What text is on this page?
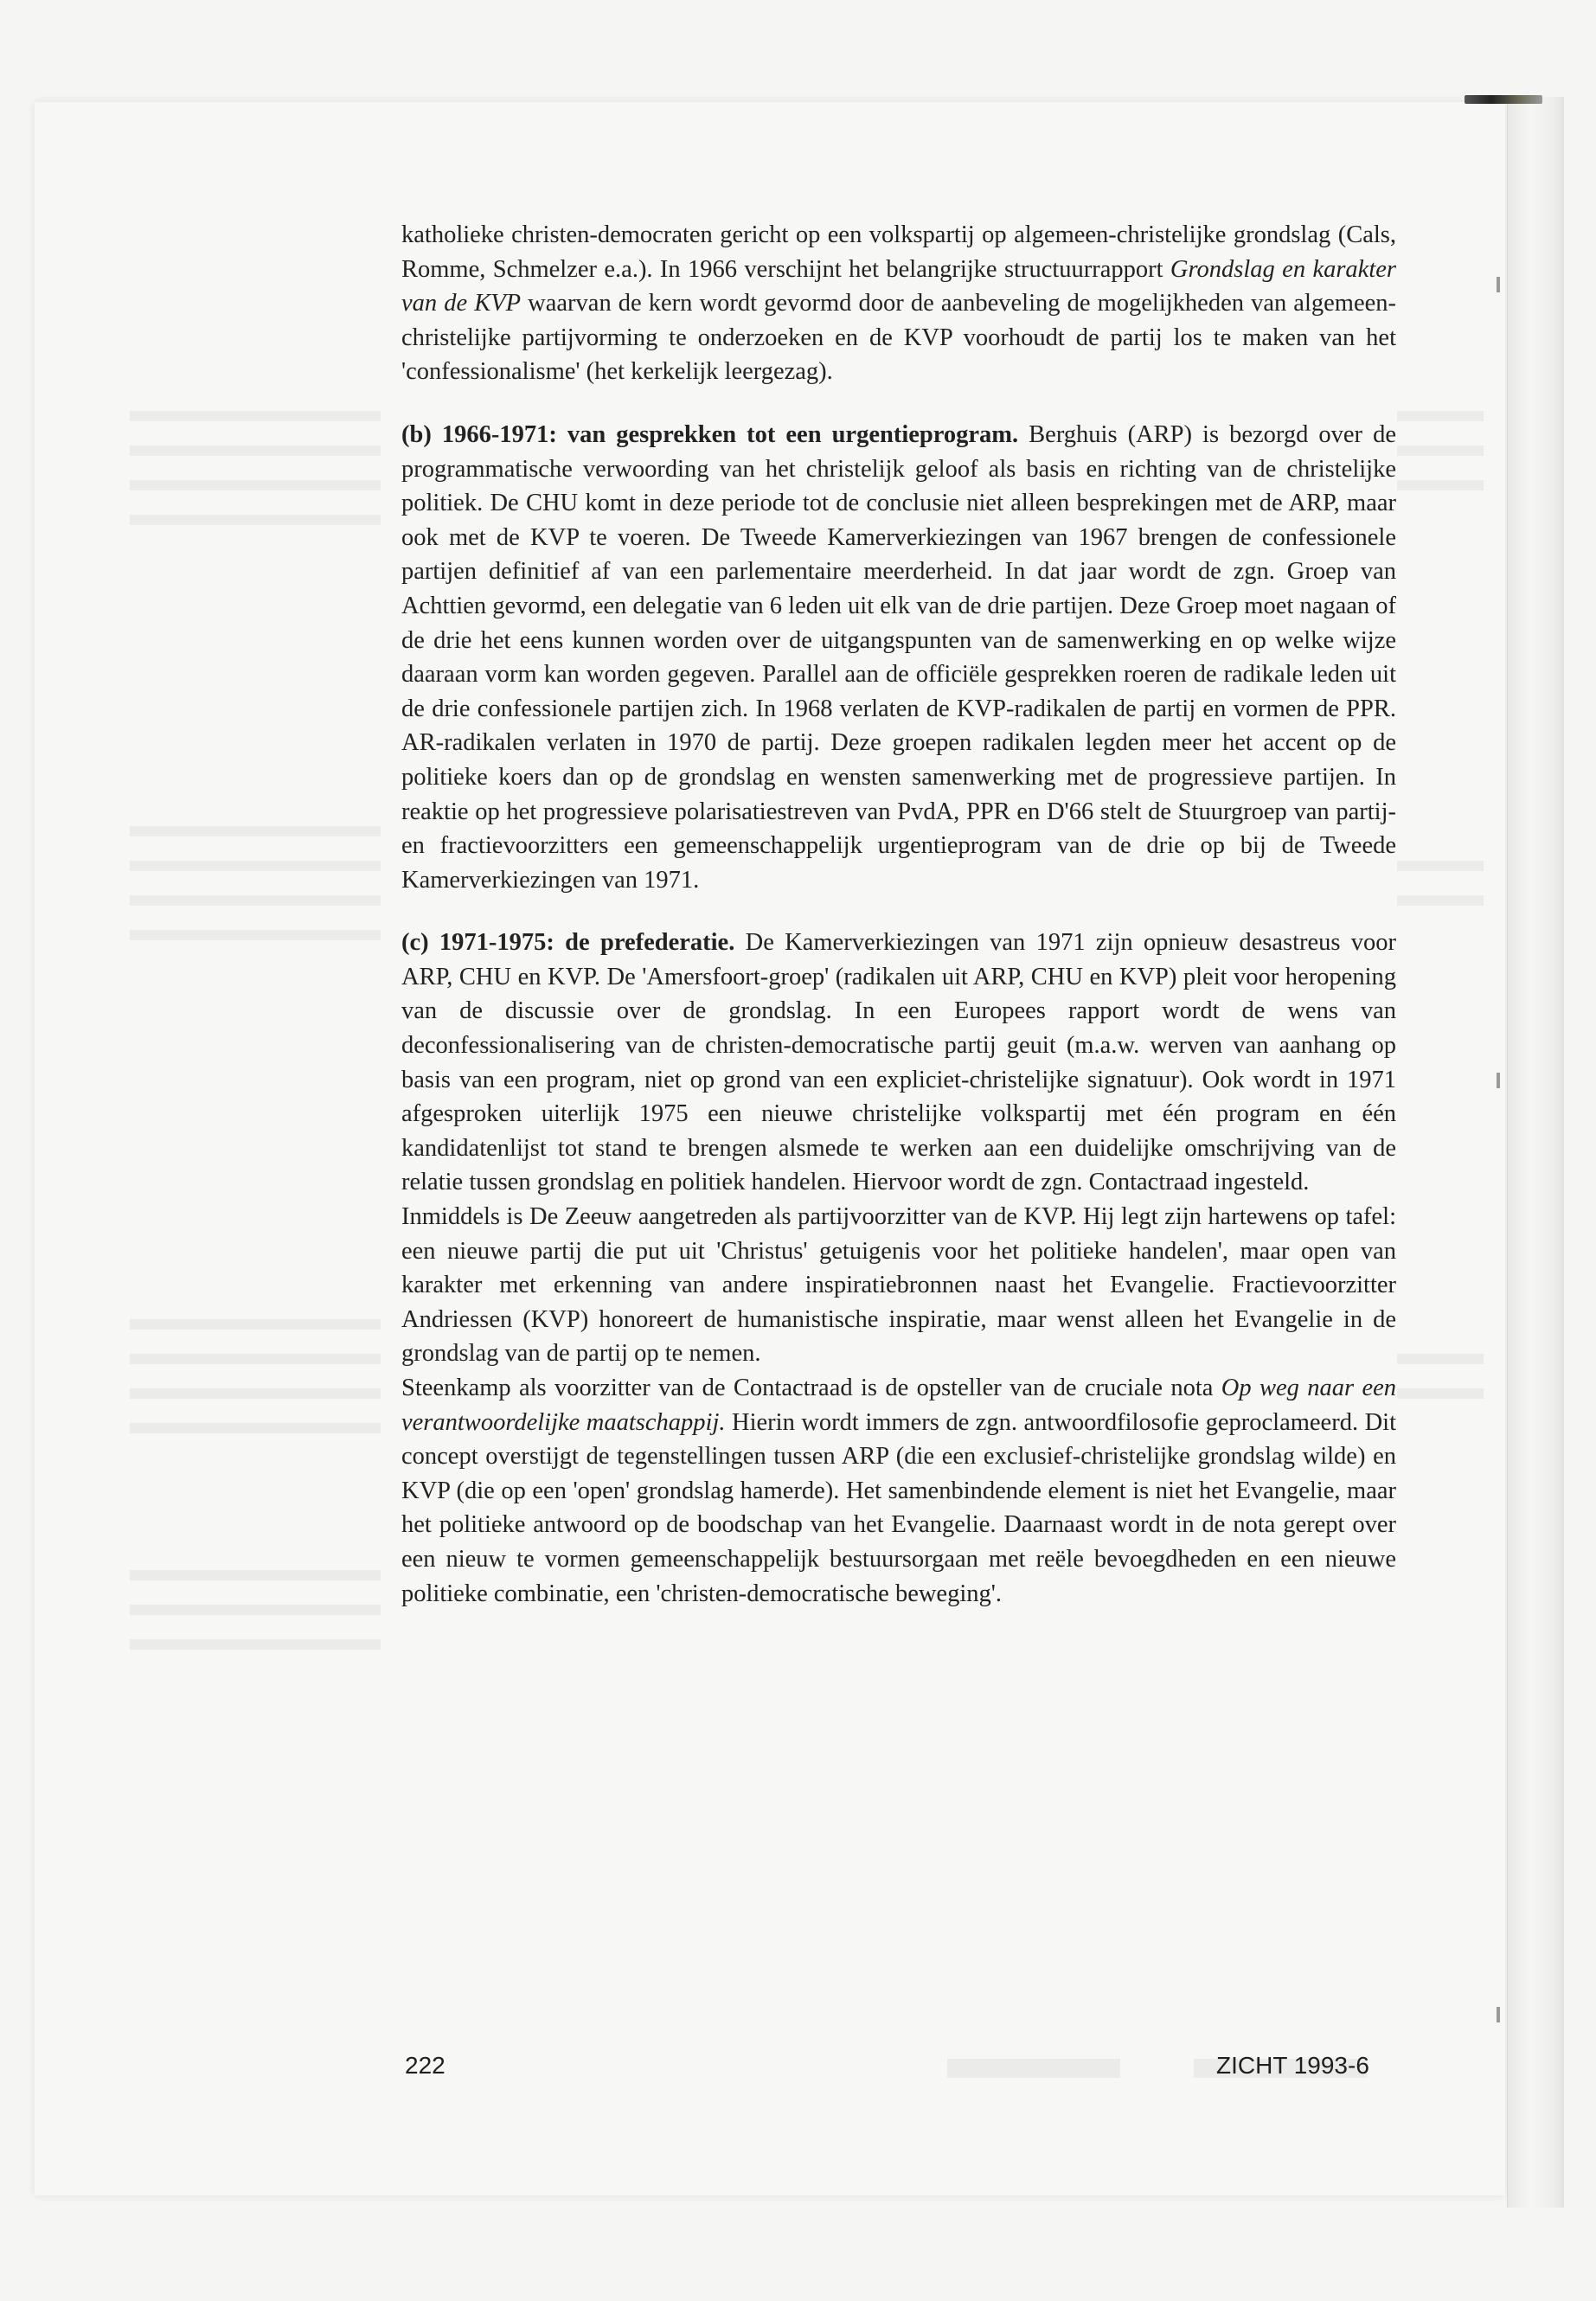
katholieke christen-democraten gericht op een volkspartij op algemeen-christelijke grondslag (Cals, Romme, Schmelzer e.a.). In 1966 verschijnt het belangrijke structuurrapport Grondslag en karakter van de KVP waarvan de kern wordt gevormd door de aanbeveling de mogelijkheden van algemeen-christelijke partijvorming te onderzoeken en de KVP voorhoudt de partij los te maken van het 'confessionalisme' (het kerkelijk leergezag).

(b) 1966-1971: van gesprekken tot een urgentieprogram. Berghuis (ARP) is bezorgd over de programmatische verwoording van het christelijk geloof als basis en richting van de christelijke politiek. De CHU komt in deze periode tot de conclusie niet alleen besprekingen met de ARP, maar ook met de KVP te voeren. De Tweede Kamerverkiezingen van 1967 brengen de confessionele partijen definitief af van een parlementaire meerderheid. In dat jaar wordt de zgn. Groep van Achttien gevormd, een delegatie van 6 leden uit elk van de drie partijen. Deze Groep moet nagaan of de drie het eens kunnen worden over de uitgangspunten van de samenwerking en op welke wijze daaraan vorm kan worden gegeven. Parallel aan de officiële gesprekken roeren de radikale leden uit de drie confessionele partijen zich. In 1968 verlaten de KVP-radikalen de partij en vormen de PPR. AR-radikalen verlaten in 1970 de partij. Deze groepen radikalen legden meer het accent op de politieke koers dan op de grondslag en wensten samenwerking met de progressieve partijen. In reaktie op het progressieve polarisatiestreven van PvdA, PPR en D'66 stelt de Stuurgroep van partij- en fractievoorzitters een gemeenschappelijk urgentieprogram van de drie op bij de Tweede Kamerverkiezingen van 1971.

(c) 1971-1975: de prefederatie. De Kamerverkiezingen van 1971 zijn opnieuw desastreus voor ARP, CHU en KVP. De 'Amersfoort-groep' (radikalen uit ARP, CHU en KVP) pleit voor heropening van de discussie over de grondslag. In een Europees rapport wordt de wens van deconfessionalisering van de christen-democratische partij geuit (m.a.w. werven van aanhang op basis van een program, niet op grond van een expliciet-christelijke signatuur). Ook wordt in 1971 afgesproken uiterlijk 1975 een nieuwe christelijke volkspartij met één program en één kandidatenlijst tot stand te brengen alsmede te werken aan een duidelijke omschrijving van de relatie tussen grondslag en politiek handelen. Hiervoor wordt de zgn. Contactraad ingesteld.

Inmiddels is De Zeeuw aangetreden als partijvoorzitter van de KVP. Hij legt zijn hartewens op tafel: een nieuwe partij die put uit 'Christus' getuigenis voor het politieke handelen', maar open van karakter met erkenning van andere inspiratiebronnen naast het Evangelie. Fractievoorzitter Andriessen (KVP) honoreert de humanistische inspiratie, maar wenst alleen het Evangelie in de grondslag van de partij op te nemen.

Steenkamp als voorzitter van de Contactraad is de opsteller van de cruciale nota Op weg naar een verantwoordelijke maatschappij. Hierin wordt immers de zgn. antwoordfilosofie geproclameerd. Dit concept overstijgt de tegenstellingen tussen ARP (die een exclusief-christelijke grondslag wilde) en KVP (die op een 'open' grondslag hamerde). Het samenbindende element is niet het Evangelie, maar het politieke antwoord op de boodschap van het Evangelie. Daarnaast wordt in de nota gerept over een nieuw te vormen gemeenschappelijk bestuursorgaan met reële bevoegdheden en een nieuwe politieke combinatie, een 'christen-democratische beweging'.

222	ZICHT 1993-6
